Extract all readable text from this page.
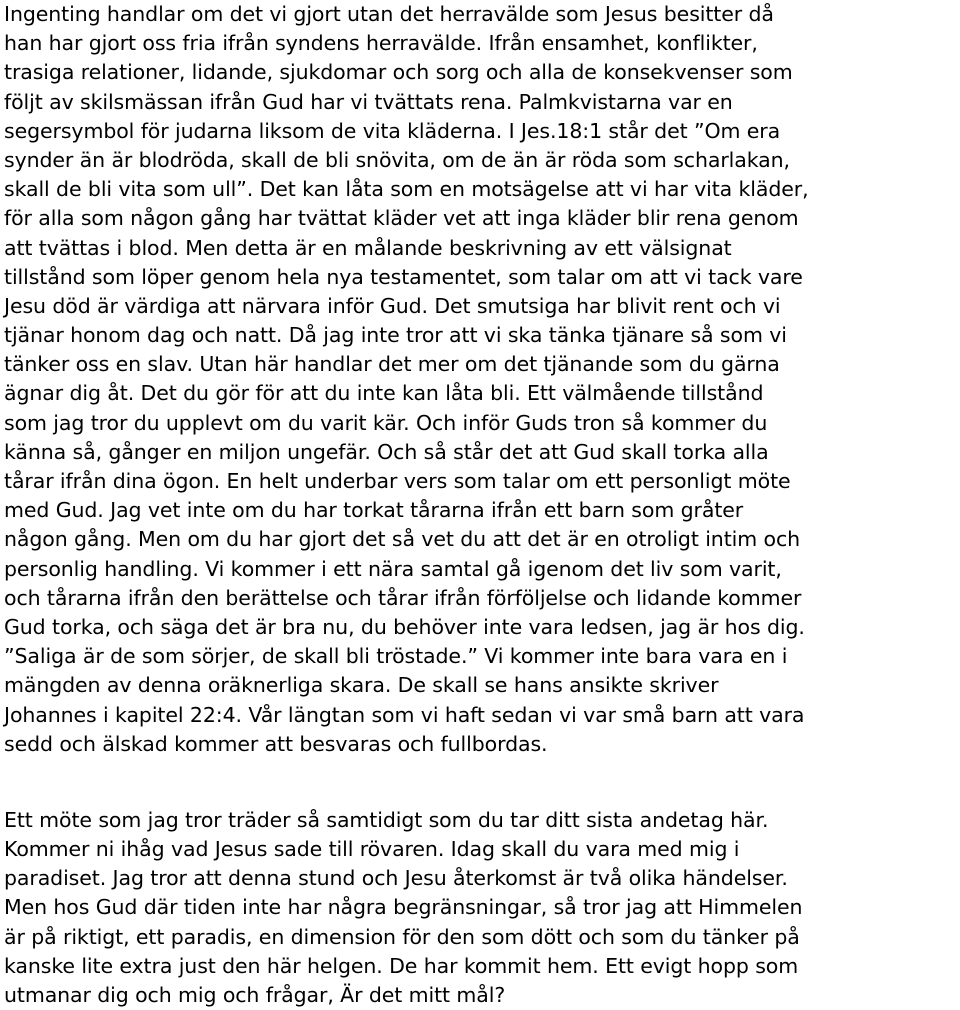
Ingenting handlar om det vi gjort utan det herravälde som Jesus besitter då
han har gjort oss fria ifrån syndens herravälde. Ifrån ensamhet, konflikter,
trasiga relationer, lidande, sjukdomar och sorg och alla de konsekvenser som
följt av skilsmässan ifrån Gud har vi tvättats rena. Palmkvistarna var en
segersymbol för judarna liksom de vita kläderna. I Jes.18:1 står det ”Om era
synder än är blodröda, skall de bli snövita, om de än är röda som scharlakan,
skall de bli vita som ull”. Det kan låta som en motsägelse att vi har vita kläder,
för alla som någon gång har tvättat kläder vet att inga kläder blir rena genom
att tvättas i blod. Men detta är en målande beskrivning av ett välsignat
tillstånd som löper genom hela nya testamentet, som talar om att vi tack vare
Jesu död är värdiga att närvara inför Gud. Det smutsiga har blivit rent och vi
tjänar honom dag och natt. Då jag inte tror att vi ska tänka tjänare så som vi
tänker oss en slav. Utan här handlar det mer om det tjänande som du gärna
ägnar dig åt. Det du gör för att du inte kan låta bli. Ett välmående tillstånd
som jag tror du upplevt om du varit kär. Och inför Guds tron så kommer du
känna så, gånger en miljon ungefär. Och så står det att Gud skall torka alla
tårar ifrån dina ögon. En helt underbar vers som talar om ett personligt möte
med Gud. Jag vet inte om du har torkat tårarna ifrån ett barn som gråter
någon gång. Men om du har gjort det så vet du att det är en otroligt intim och
personlig handling. Vi kommer i ett nära samtal gå igenom det liv som varit,
och tårarna ifrån den berättelse och tårar ifrån förföljelse och lidande kommer
Gud torka, och säga det är bra nu, du behöver inte vara ledsen, jag är hos dig.
”Saliga är de som sörjer, de skall bli tröstade.” Vi kommer inte bara vara en i
mängden av denna oräknerliga skara. De skall se hans ansikte skriver
Johannes i kapitel 22:4. Vår längtan som vi haft sedan vi var små barn att vara
sedd och älskad kommer att besvaras och fullbordas.
Ett möte som jag tror träder så samtidigt som du tar ditt sista andetag här.
Kommer ni ihåg vad Jesus sade till rövaren. Idag skall du vara med mig i
paradiset. Jag tror att denna stund och Jesu återkomst är två olika händelser.
Men hos Gud där tiden inte har några begränsningar, så tror jag att Himmelen
är på riktigt, ett paradis, en dimension för den som dött och som du tänker på
kanske lite extra just den här helgen. De har kommit hem. Ett evigt hopp som
utmanar dig och mig och frågar, Är det mitt mål?
